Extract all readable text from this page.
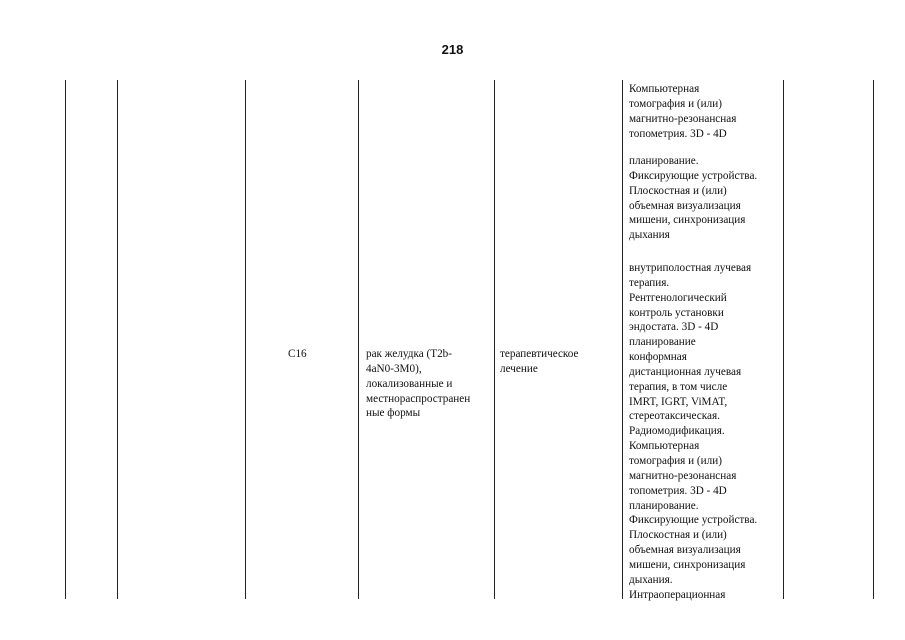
218
C16	рак желудка (T2b-
4aN0-3M0),
локализованные и
местнораспространен
ные формы
терапевтическое
лечение
Компьютерная
томография и (или)
магнитно-резонансная
топометрия. 3D - 4D
планирование.
Фиксирующие устройства.
Плоскостная и (или)
объемная визуализация
мишени, синхронизация
дыхания
внутриполостная лучевая
терапия.
Рентгенологический
контроль установки
эндостата. 3D - 4D
планирование
конформная
дистанционная лучевая
терапия, в том числе
IMRT, IGRT, ViMAT,
стереотаксическая.
Радиомодификация.
Компьютерная
томография и (или)
магнитно-резонансная
топометрия. 3D - 4D
планирование.
Фиксирующие устройства.
Плоскостная и (или)
объемная визуализация
мишени, синхронизация
дыхания.
Интраоперационная
